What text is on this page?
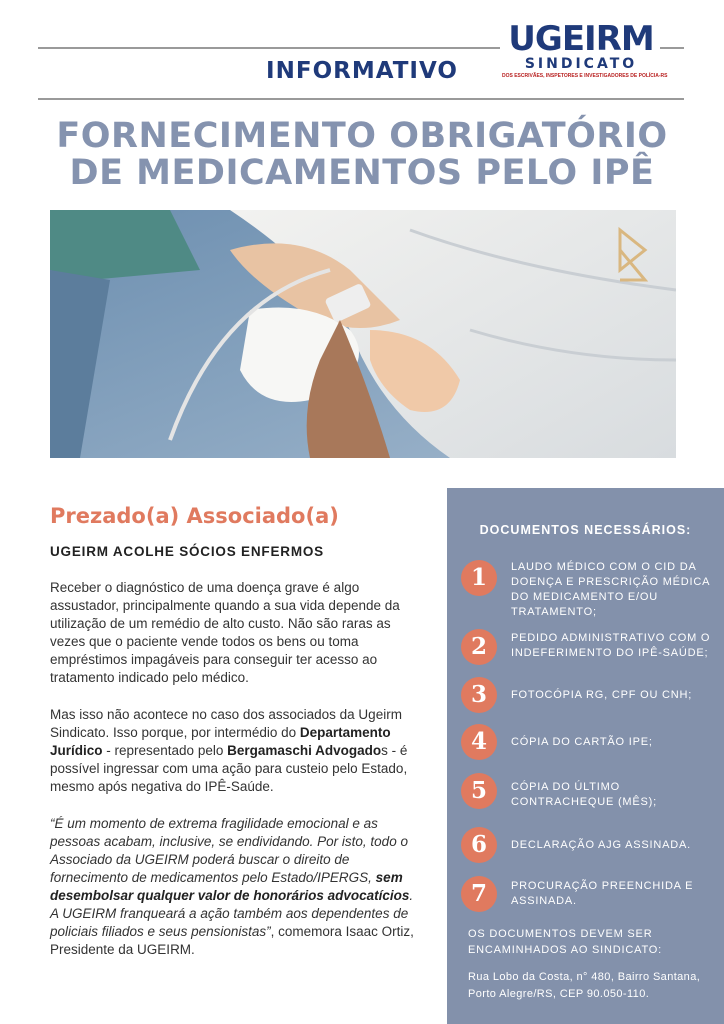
INFORMATIVO
UGEIRM
SINDICATO
DOS ESCRIVÃES, INSPETORES E INVESTIGADORES DE POLÍCIA-RS
FORNECIMENTO OBRIGATÓRIO
DE MEDICAMENTOS PELO IPÊ
Prezado(a) Associado(a)
UGEIRM ACOLHE SÓCIOS ENFERMOS

Receber o diagnóstico de uma doença grave é algo assustador, principalmente quando a sua vida depende da utilização de um remédio de alto custo. Não são raras as vezes que o paciente vende todos os bens ou toma empréstimos impagáveis para conseguir ter acesso ao tratamento indicado pelo médico.

Mas isso não acontece no caso dos associados da Ugeirm Sindicato. Isso porque, por intermédio do Departamento Jurídico - representado pelo Bergamaschi Advogados - é possível ingressar com uma ação para custeio pelo Estado, mesmo após negativa do IPÊ-Saúde.

“É um momento de extrema fragilidade emocional e as pessoas acabam, inclusive, se endividando. Por isto, todo o Associado da UGEIRM poderá buscar o direito de fornecimento de medicamentos pelo Estado/IPERGS, sem desembolsar qualquer valor de honorários advocatícios. A UGEIRM franqueará a ação também aos dependentes de policiais filiados e seus pensionistas”, comemora Isaac Ortiz, Presidente da UGEIRM.

DOCUMENTOS NECESSÁRIOS:
1	LAUDO MÉDICO COM O CID DA DOENÇA E PRESCRIÇÃO MÉDICA DO MEDICAMENTO E/OU TRATAMENTO;
2	PEDIDO ADMINISTRATIVO COM O INDEFERIMENTO DO IPÊ-SAÚDE;
3	FOTOCÓPIA RG, CPF OU CNH;
4	CÓPIA DO CARTÃO IPE;
5	CÓPIA DO ÚLTIMO CONTRACHEQUE (MÊS);
6	DECLARAÇÃO AJG ASSINADA.
7	PROCURAÇÃO PREENCHIDA E ASSINADA.
OS DOCUMENTOS DEVEM SER ENCAMINHADOS AO SINDICATO:
Rua Lobo da Costa, n° 480, Bairro Santana, Porto Alegre/RS, CEP 90.050-110.
